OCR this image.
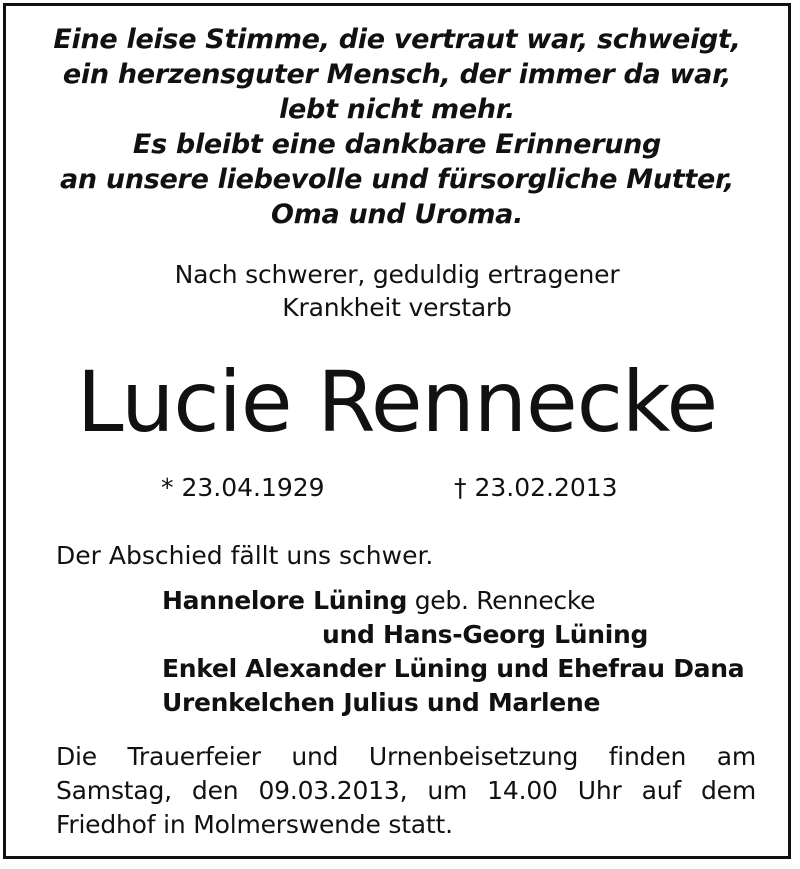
Eine leise Stimme, die vertraut war, schweigt,
ein herzensguter Mensch, der immer da war,
lebt nicht mehr.
Es bleibt eine dankbare Erinnerung
an unsere liebevolle und fürsorgliche Mutter,
Oma und Uroma.
Nach schwerer, geduldig ertragener
Krankheit verstarb
Lucie Rennecke
* 23.04.1929	† 23.02.2013
Der Abschied fällt uns schwer.
Hannelore Lüning geb. Rennecke
und Hans-Georg Lüning
Enkel Alexander Lüning und Ehefrau Dana
Urenkelchen Julius und Marlene
Die Trauerfeier und Urnenbeisetzung finden am
Samstag, den 09.03.2013, um 14.00 Uhr auf dem
Friedhof in Molmerswende statt.
